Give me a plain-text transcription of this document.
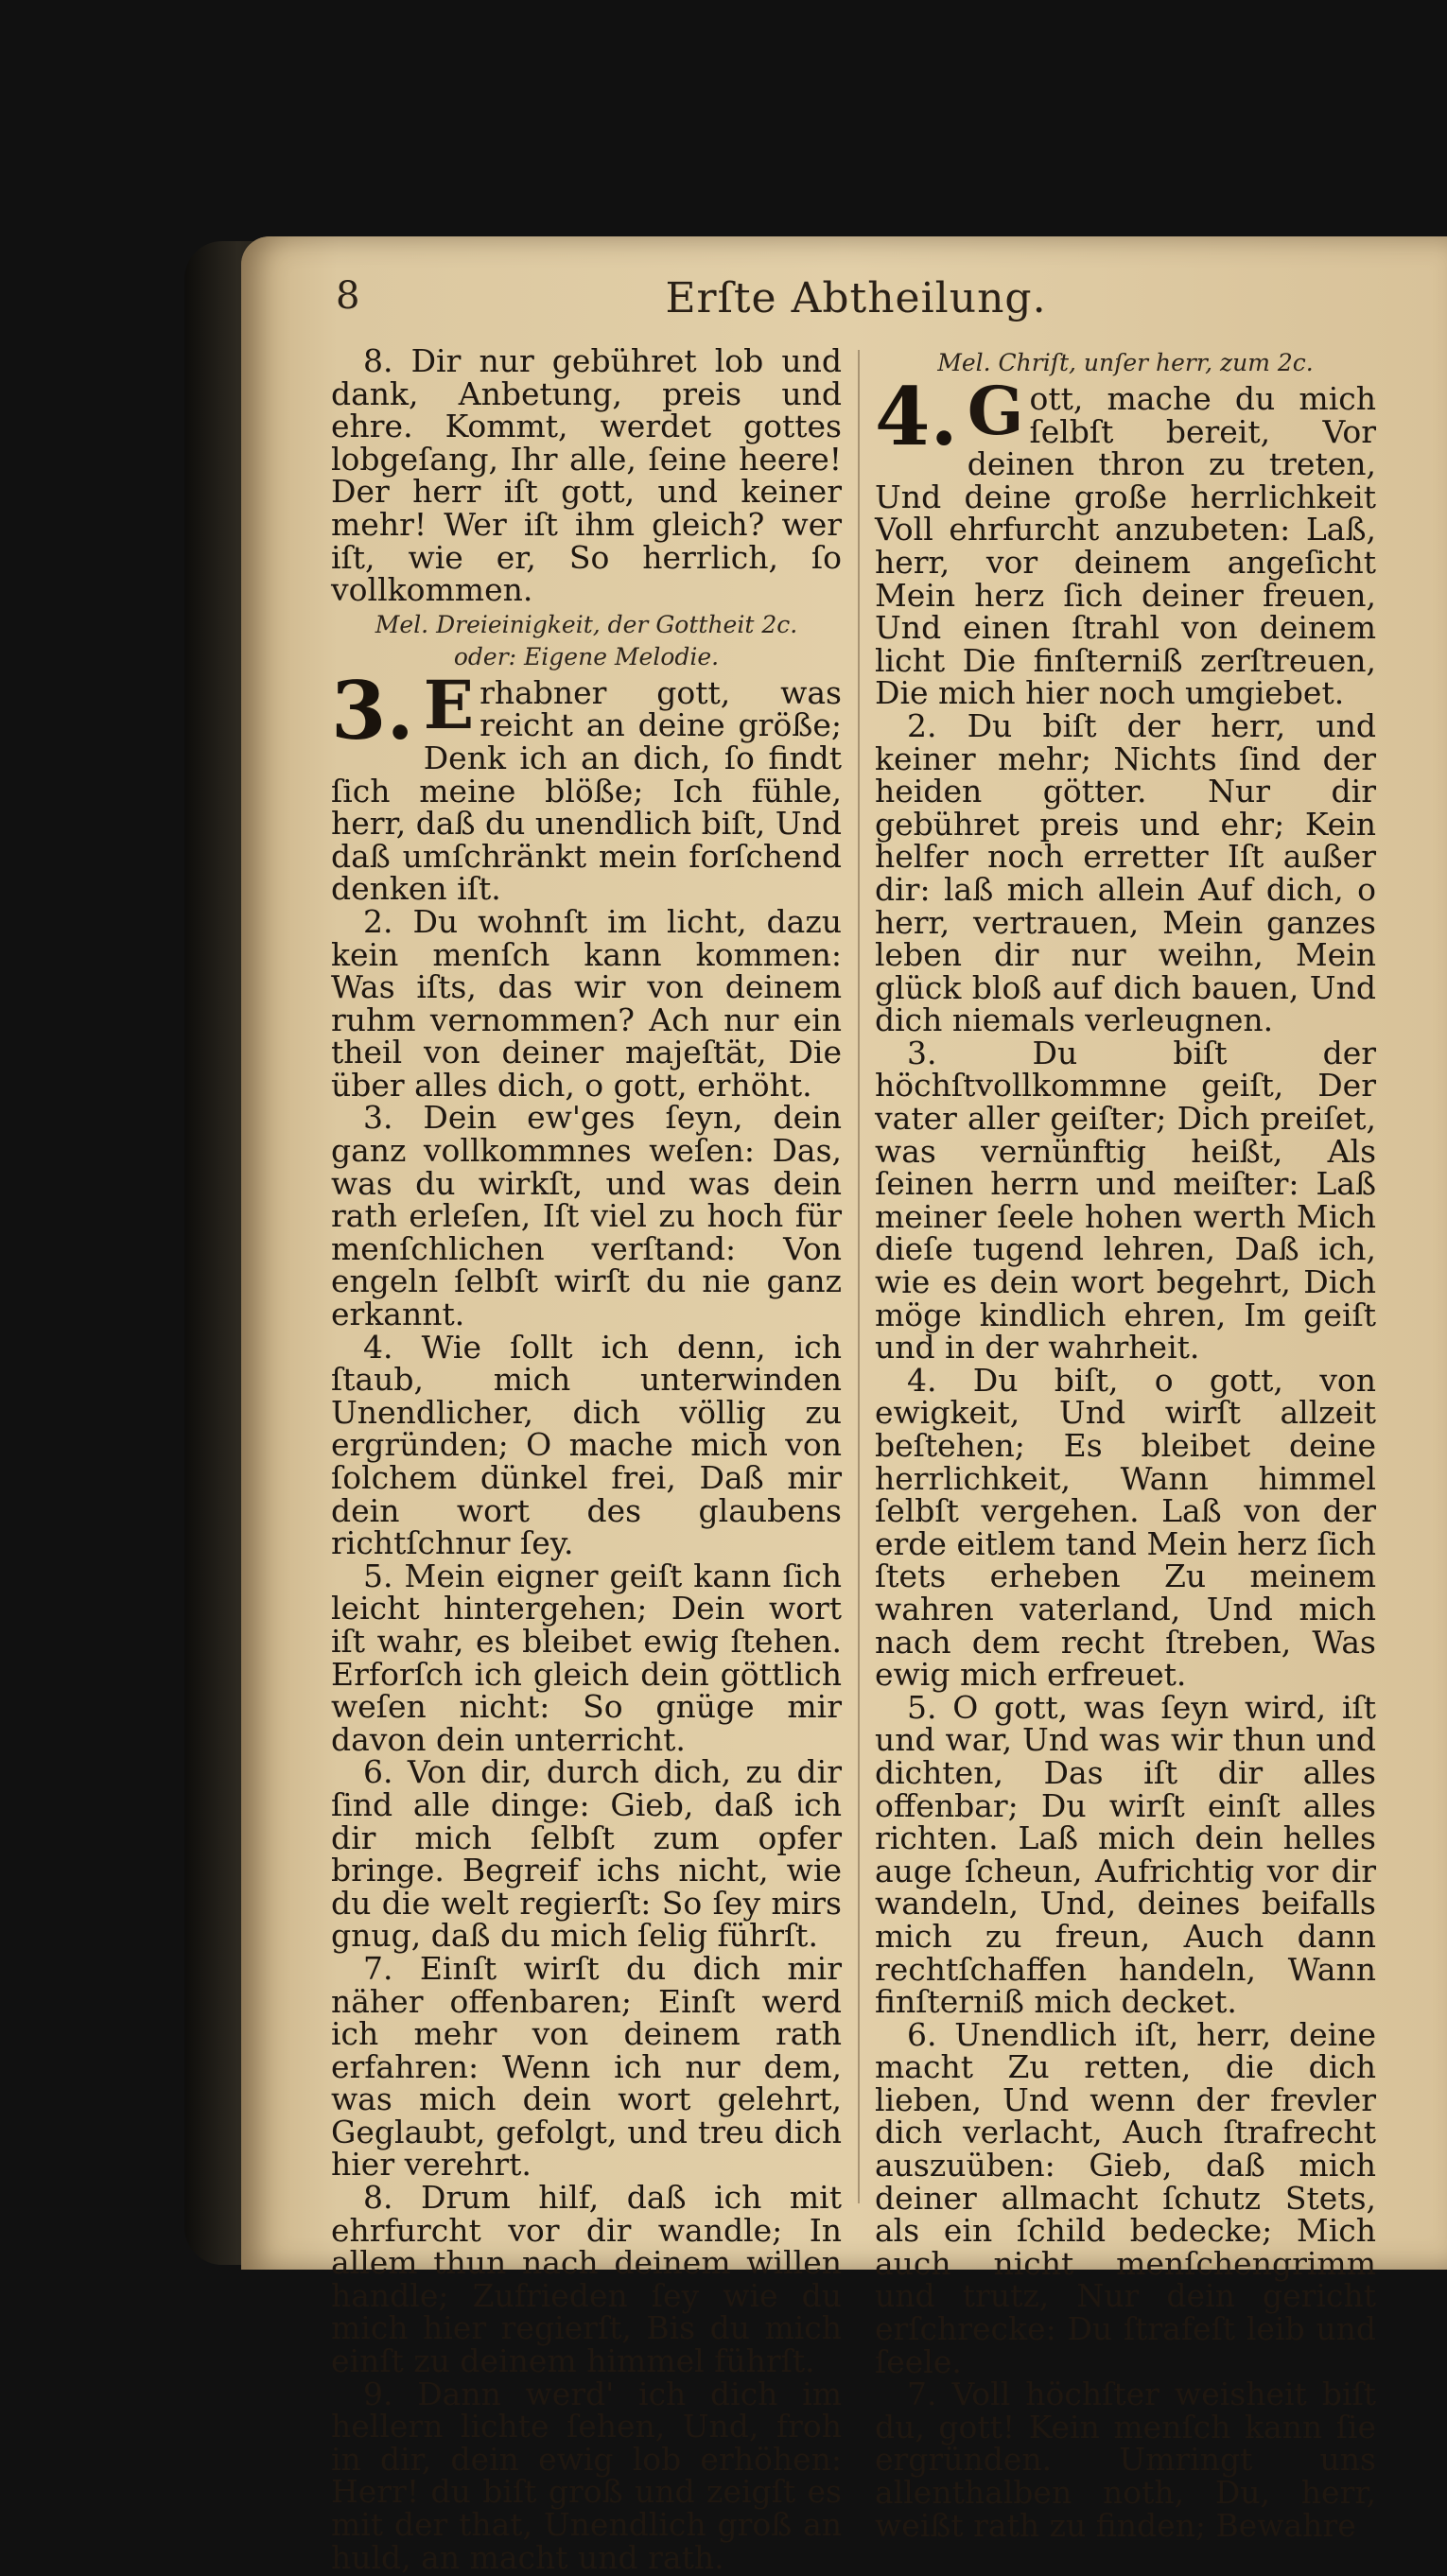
8	Erſte Abtheilung.

8. Dir nur gebühret lob und dank, Anbetung, preis und ehre. Kommt, werdet gottes lobgeſang, Ihr alle, ſeine heere! Der herr iſt gott, und keiner mehr! Wer iſt ihm gleich? wer iſt, wie er, So herrlich, ſo vollkommen.

Mel. Dreieinigkeit, der Gottheit 2c.

oder: Eigene Melodie.

3. Erhabner gott, was reicht an deine größe; Denk ich an dich, ſo findt ſich meine blöße; Ich fühle, herr, daß du unendlich biſt, Und daß umſchränkt mein forſchend denken iſt.

2. Du wohnſt im licht, dazu kein menſch kann kommen: Was iſts, das wir von deinem ruhm vernommen? Ach nur ein theil von deiner majeſtät, Die über alles dich, o gott, erhöht.

3. Dein ew'ges ſeyn, dein ganz vollkommnes weſen: Das, was du wirkſt, und was dein rath erleſen, Iſt viel zu hoch für menſchlichen verſtand: Von engeln ſelbſt wirſt du nie ganz erkannt.

4. Wie ſollt ich denn, ich ſtaub, mich unterwinden Unendlicher, dich völlig zu ergründen; O mache mich von ſolchem dünkel frei, Daß mir dein wort des glaubens richtſchnur ſey.

5. Mein eigner geiſt kann ſich leicht hintergehen; Dein wort iſt wahr, es bleibet ewig ſtehen. Erforſch ich gleich dein göttlich weſen nicht: So gnüge mir davon dein unterricht.

6. Von dir, durch dich, zu dir ſind alle dinge: Gieb, daß ich dir mich ſelbſt zum opfer bringe. Begreif ichs nicht, wie du die welt regierſt: So ſey mirs gnug, daß du mich ſelig führſt.

7. Einſt wirſt du dich mir näher offenbaren; Einſt werd ich mehr von deinem rath erfahren: Wenn ich nur dem, was mich dein wort gelehrt, Geglaubt, gefolgt, und treu dich hier verehrt.

8. Drum hilf, daß ich mit ehrfurcht vor dir wandle; In allem thun nach deinem willen handle; Zufrieden ſey wie du mich hier regierſt, Bis du mich einſt zu deinem himmel führſt.

9. Dann werd' ich dich im hellern lichte ſehen, Und, froh in dir, dein ewig lob erhöhen: Herr! du biſt groß und zeigſt es mit der that, Unendlich groß an huld, an macht und rath.

Mel. Chriſt, unſer herr, zum 2c.

4. Gott, mache du mich ſelbſt bereit, Vor deinen thron zu treten, Und deine große herrlichkeit Voll ehrfurcht anzubeten: Laß, herr, vor deinem angeſicht Mein herz ſich deiner freuen, Und einen ſtrahl von deinem licht Die finſterniß zerſtreuen, Die mich hier noch umgiebet.

2. Du biſt der herr, und keiner mehr; Nichts ſind der heiden götter. Nur dir gebühret preis und ehr; Kein helfer noch erretter Iſt außer dir: laß mich allein Auf dich, o herr, vertrauen, Mein ganzes leben dir nur weihn, Mein glück bloß auf dich bauen, Und dich niemals verleugnen.

3. Du biſt der höchſtvollkommne geiſt, Der vater aller geiſter; Dich preiſet, was vernünftig heißt, Als ſeinen herrn und meiſter: Laß meiner ſeele hohen werth Mich dieſe tugend lehren, Daß ich, wie es dein wort begehrt, Dich möge kindlich ehren, Im geiſt und in der wahrheit.

4. Du biſt, o gott, von ewigkeit, Und wirſt allzeit beſtehen; Es bleibet deine herrlichkeit, Wann himmel ſelbſt vergehen. Laß von der erde eitlem tand Mein herz ſich ſtets erheben Zu meinem wahren vaterland, Und mich nach dem recht ſtreben, Was ewig mich erfreuet.

5. O gott, was ſeyn wird, iſt und war, Und was wir thun und dichten, Das iſt dir alles offenbar; Du wirſt einſt alles richten. Laß mich dein helles auge ſcheun, Aufrichtig vor dir wandeln, Und, deines beifalls mich zu freun, Auch dann rechtſchaffen handeln, Wann finſterniß mich decket.

6. Unendlich iſt, herr, deine macht Zu retten, die dich lieben, Und wenn der frevler dich verlacht, Auch ſtrafrecht auszuüben: Gieb, daß mich deiner allmacht ſchutz Stets, als ein ſchild bedecke; Mich auch nicht menſchengrimm und trutz, Nur dein gericht erſchrecke: Du ſtrafeſt leib und ſeele.

7. Voll höchſter weisheit biſt du, gott! Kein menſch kann ſie ergründen. Umringt uns allenthalben noth, Du, herr, weißt rath zu finden; Bewahre
